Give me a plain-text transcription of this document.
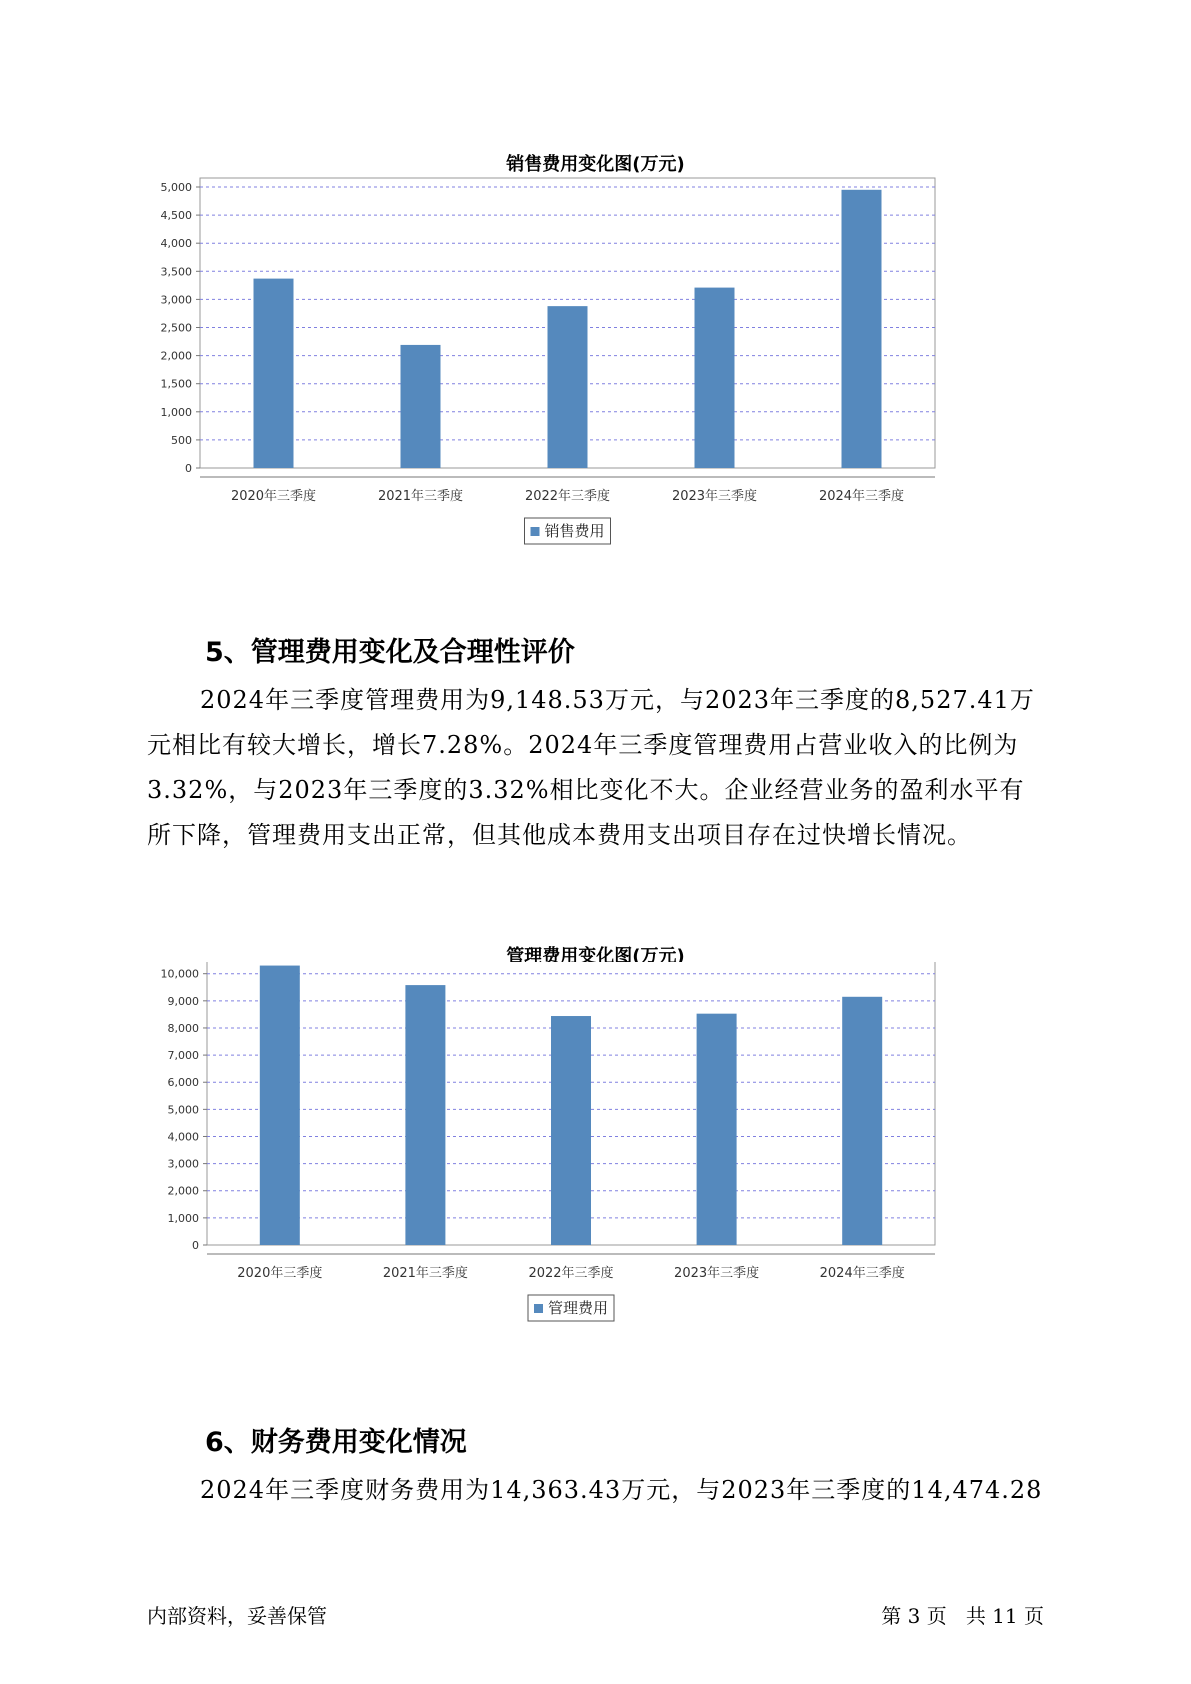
销售费用变化图(万元)
0
500
1,000
1,500
2,000
2,500
3,000
3,500
4,000
4,500
5,000
2020年三季度	2021年三季度	2022年三季度	2023年三季度	2024年三季度
销售费用
5、管理费用变化及合理性评价

2024年三季度管理费用为9,148.53万元，与2023年三季度的8,527.41万元相比有较大增长，增长7.28%。2024年三季度管理费用占营业收入的比例为3.32%，与2023年三季度的3.32%相比变化不大。企业经营业务的盈利水平有所下降，管理费用支出正常，但其他成本费用支出项目存在过快增长情况。

管理费用变化图(万元)
0
1,000
2,000
3,000
4,000
5,000
6,000
7,000
8,000
9,000
10,000
2020年三季度	2021年三季度	2022年三季度	2023年三季度	2024年三季度
管理费用
6、财务费用变化情况

2024年三季度财务费用为14,363.43万元，与2023年三季度的14,474.28

内部资料，妥善保管	第 3 页   共 11 页
